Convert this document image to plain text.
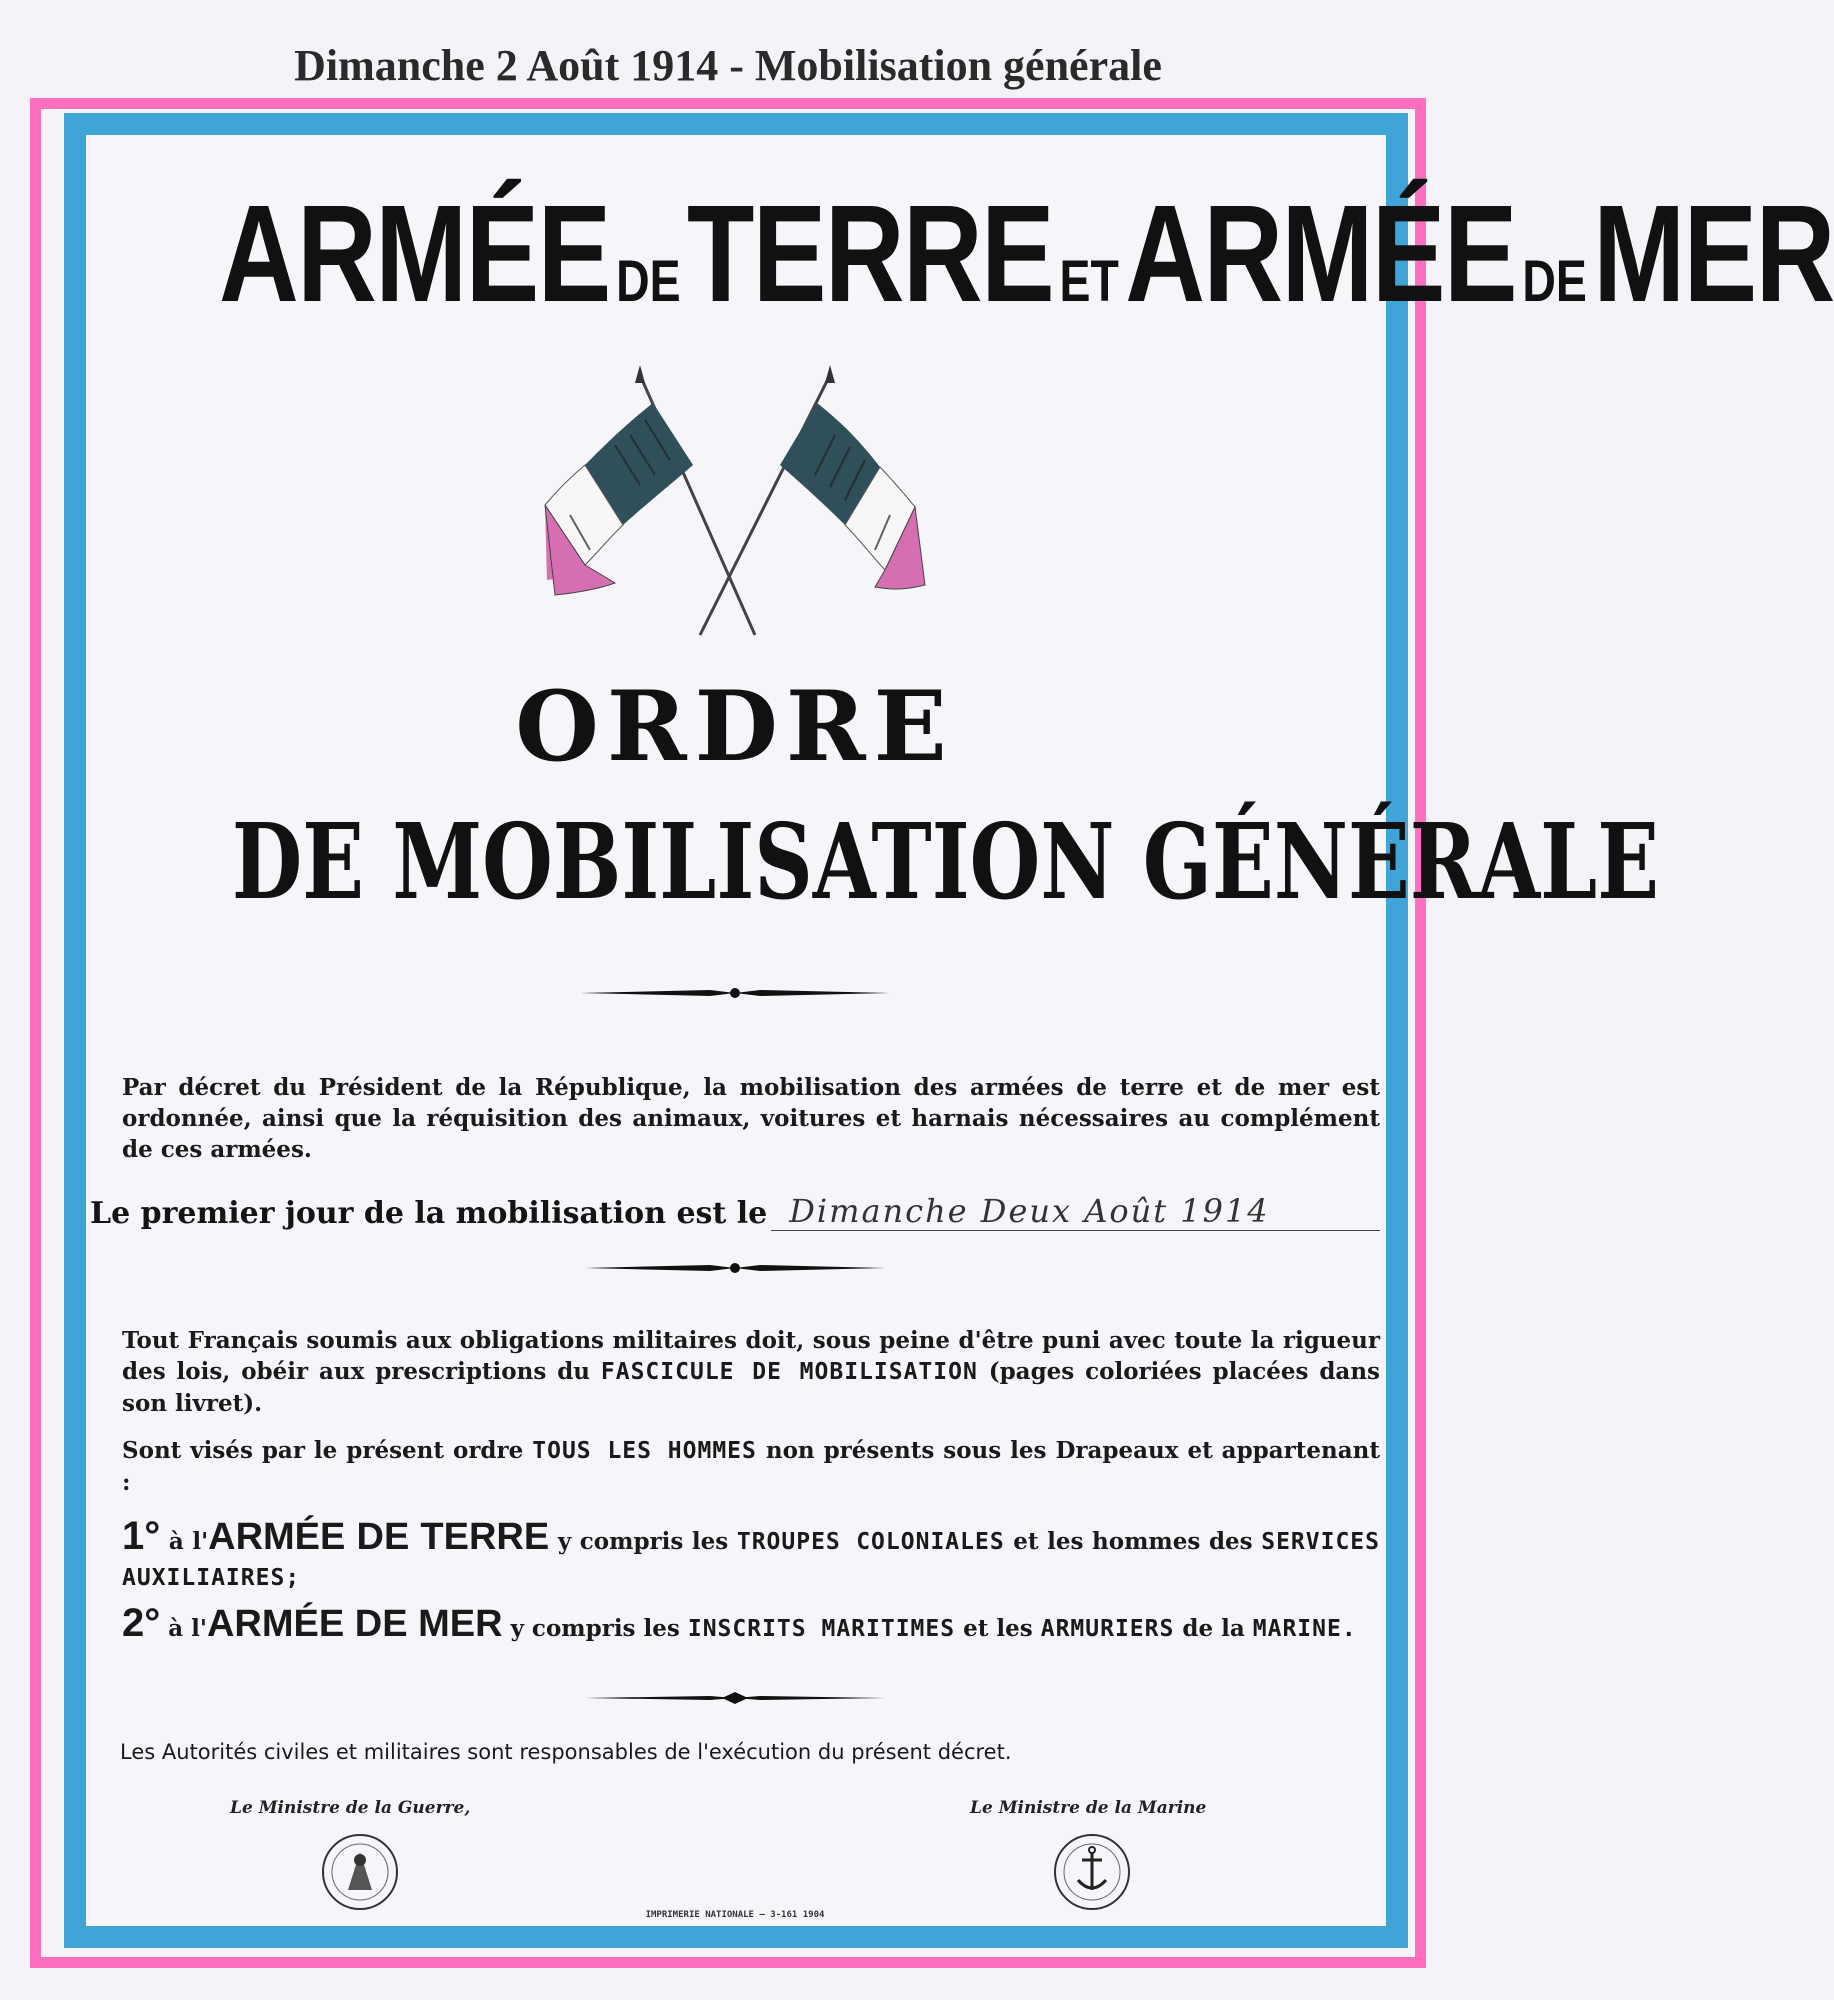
Dimanche 2 Août 1914 - Mobilisation générale
ARMÉE DETERRE ETARMÉE DEMER
ORDRE
DE MOBILISATION GÉNÉRALE
Par décret du Président de la République, la mobilisation des armées de terre et de mer est ordonnée, ainsi que la réquisition des animaux, voitures et harnais nécessaires au complément de ces armées.
Le premier jour de la mobilisation est le Dimanche Deux Août 1914
Tout Français soumis aux obligations militaires doit, sous peine d'être puni avec toute la rigueur des lois, obéir aux prescriptions du FASCICULE DE MOBILISATION (pages coloriées placées dans son livret).
Sont visés par le présent ordre TOUS LES HOMMES non présents sous les Drapeaux et appartenant :
1° à l'ARMÉE DE TERRE y compris les TROUPES COLONIALES et les hommes des SERVICES AUXILIAIRES;
2° à l'ARMÉE DE MER y compris les INSCRITS MARITIMES et les ARMURIERS de la MARINE.
Les Autorités civiles et militaires sont responsables de l'exécution du présent décret.
Le Ministre de la Guerre,	Le Ministre de la Marine
IMPRIMERIE NATIONALE — 3-161 1904
